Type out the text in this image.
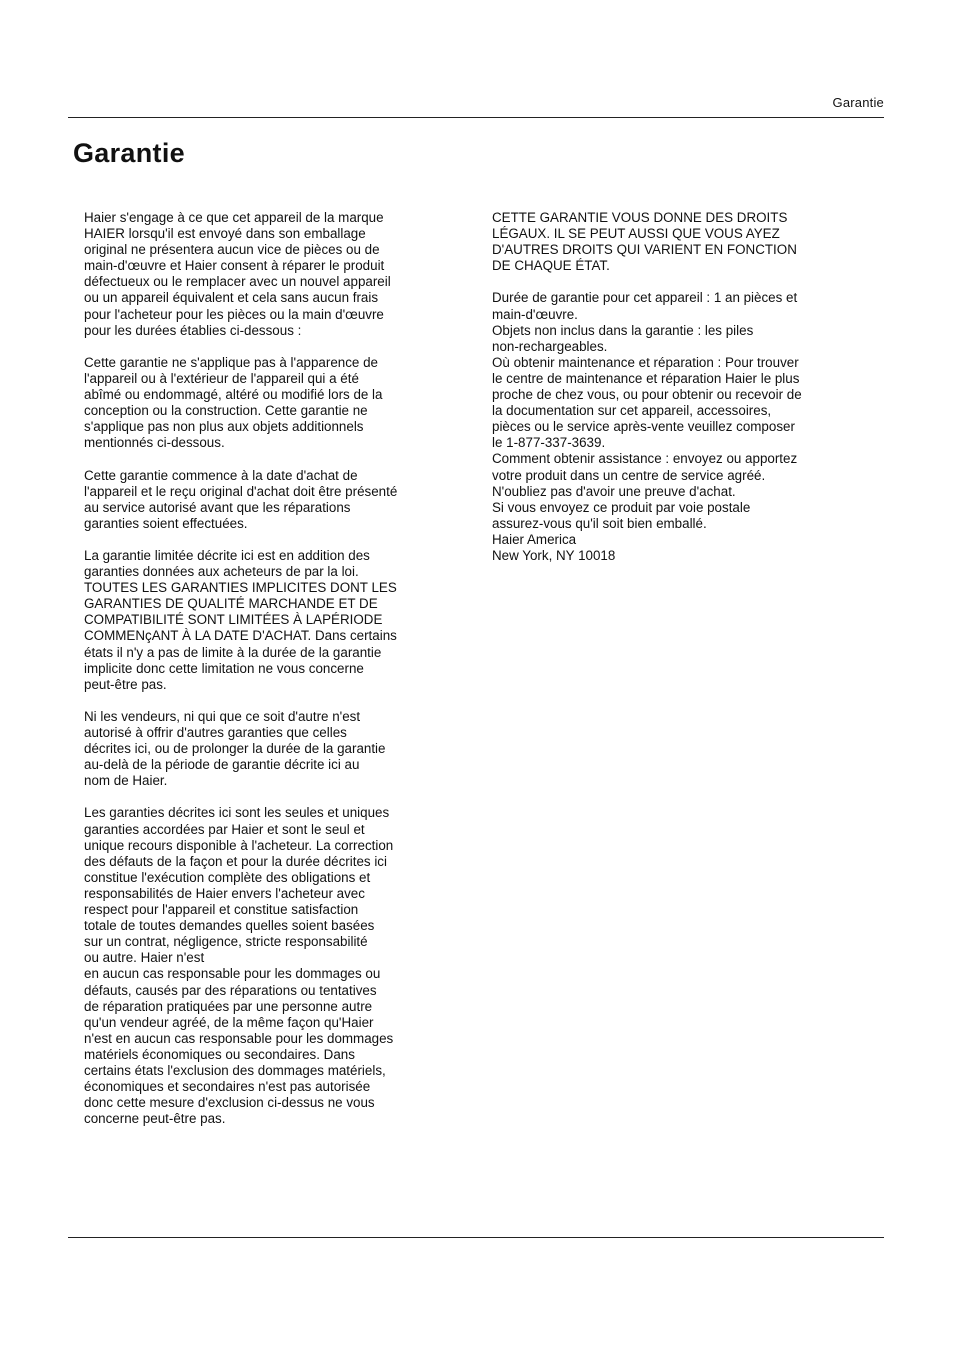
Garantie
Garantie
Haier s'engage à ce que cet appareil de la marque
HAIER lorsqu'il est envoyé dans son emballage
original ne présentera aucun vice de pièces ou de
main-d'œuvre et Haier consent à réparer le produit
défectueux ou le remplacer avec un nouvel appareil
ou un appareil équivalent et cela sans aucun frais
pour l'acheteur pour les pièces ou la main d'œuvre
pour les durées établies ci-dessous :
Cette garantie ne s'applique pas à l'apparence de
l'appareil ou à l'extérieur de l'appareil qui a été
abîmé ou endommagé, altéré ou modifié lors de la
conception ou la construction. Cette garantie ne
s'applique pas non plus aux objets additionnels
mentionnés ci-dessous.
Cette garantie commence à la date d'achat de
l'appareil et le reçu original d'achat doit être présenté
au service autorisé avant que les réparations
garanties soient effectuées.
La garantie limitée décrite ici est en addition des
garanties données aux acheteurs de par la loi.
TOUTES LES GARANTIES IMPLICITES DONT LES
GARANTIES DE QUALITÉ MARCHANDE ET DE
COMPATIBILITÉ SONT LIMITÉES À LAPÉRIODE
COMMENçANT À LA DATE D'ACHAT. Dans certains
états il n'y a pas de limite à la durée de la garantie
implicite donc cette limitation ne vous concerne
peut-être pas.
Ni les vendeurs, ni qui que ce soit d'autre n'est
autorisé à offrir d'autres garanties que celles
décrites ici, ou de prolonger la durée de la garantie
au-delà de la période de garantie décrite ici au
nom de Haier.
Les garanties décrites ici sont les seules et uniques
garanties accordées par Haier et sont le seul et
unique recours disponible à l'acheteur. La correction
des défauts de la façon et pour la durée décrites ici
constitue l'exécution complète des obligations et
responsabilités de Haier envers l'acheteur avec
respect pour l'appareil et constitue satisfaction
totale de toutes demandes quelles soient basées
sur un contrat, négligence, stricte responsabilité
ou autre. Haier n'est
en aucun cas responsable pour les dommages ou
défauts, causés par des réparations ou tentatives
de réparation pratiquées par une personne autre
qu'un vendeur agréé, de la même façon qu'Haier
n'est en aucun cas responsable pour les dommages
matériels économiques ou secondaires. Dans
certains états l'exclusion des dommages matériels,
économiques et secondaires n'est pas autorisée
donc cette mesure d'exclusion ci-dessus ne vous
concerne peut-être pas.
CETTE GARANTIE VOUS DONNE DES DROITS
LÉGAUX. IL SE PEUT AUSSI QUE VOUS AYEZ
D'AUTRES DROITS QUI VARIENT EN FONCTION
DE CHAQUE ÉTAT.
Durée de garantie pour cet appareil : 1 an pièces et
main-d'œuvre.
Objets non inclus dans la garantie : les piles
non-rechargeables.
Où obtenir maintenance et réparation : Pour trouver
le centre de maintenance et réparation Haier le plus
proche de chez vous, ou pour obtenir ou recevoir de
la documentation sur cet appareil, accessoires,
pièces ou le service après-vente veuillez composer
le 1-877-337-3639.
Comment obtenir assistance : envoyez ou apportez
votre produit dans un centre de service agréé.
N'oubliez pas d'avoir une preuve d'achat.
Si vous envoyez ce produit par voie postale
assurez-vous qu'il soit bien emballé.
Haier America
New York, NY 10018
